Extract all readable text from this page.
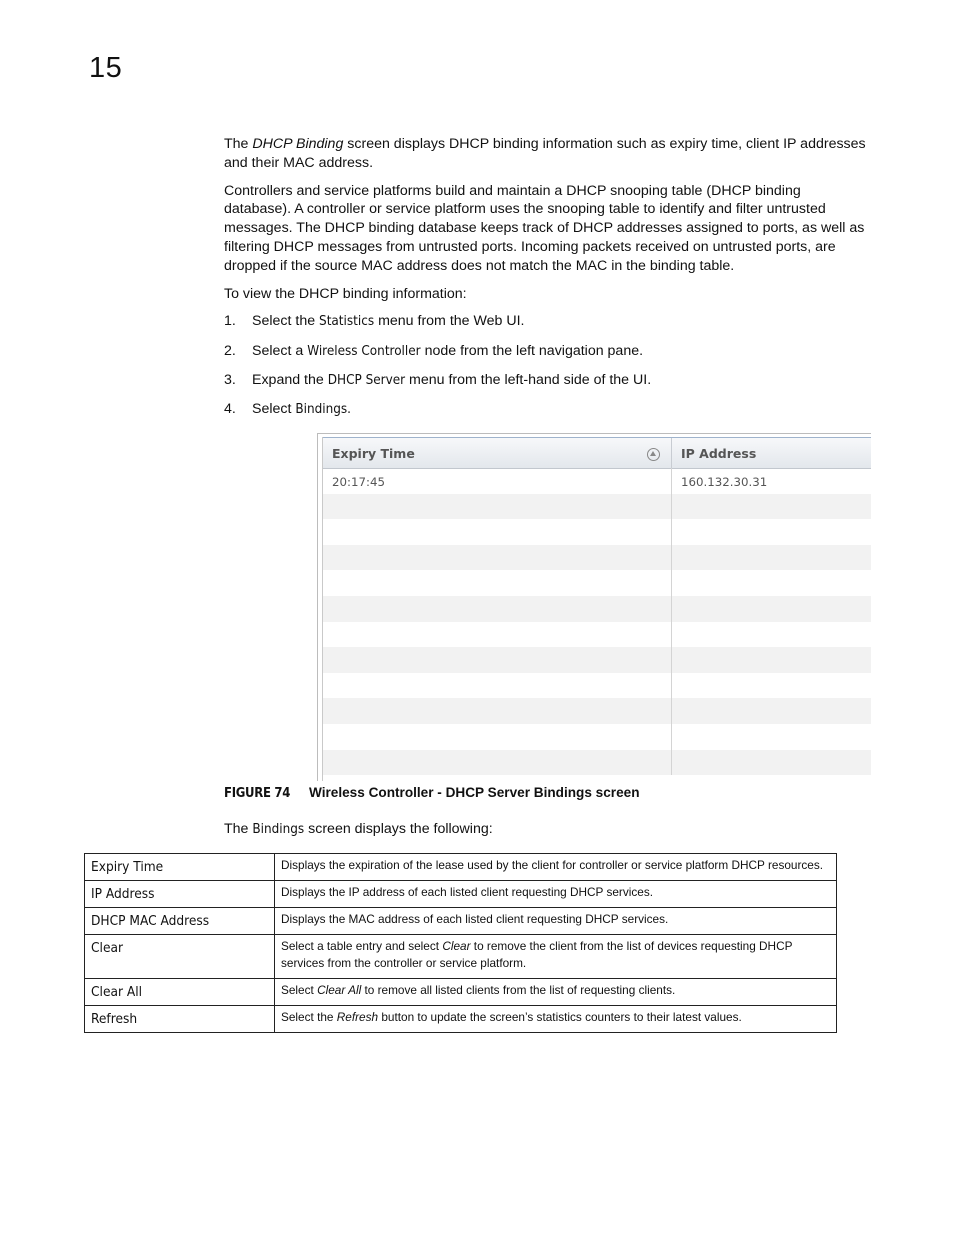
15

The DHCP Binding screen displays DHCP binding information such as expiry time, client IP addresses and their MAC address.

Controllers and service platforms build and maintain a DHCP snooping table (DHCP binding database). A controller or service platform uses the snooping table to identify and filter untrusted messages. The DHCP binding database keeps track of DHCP addresses assigned to ports, as well as filtering DHCP messages from untrusted ports. Incoming packets received on untrusted ports, are dropped if the source MAC address does not match the MAC in the binding table.

To view the DHCP binding information:

1. Select the Statistics menu from the Web UI.
2. Select a Wireless Controller node from the left navigation pane.
3. Expand the DHCP Server menu from the left-hand side of the UI.
4. Select Bindings.
Expiry Time	IP Address
20:17:45	160.132.30.31
FIGURE 74 Wireless Controller - DHCP Server Bindings screen
The Bindings screen displays the following:
Expiry Time	Displays the expiration of the lease used by the client for controller or service platform DHCP resources.
IP Address	Displays the IP address of each listed client requesting DHCP services.
DHCP MAC Address	Displays the MAC address of each listed client requesting DHCP services.
Clear	Select a table entry and select Clear to remove the client from the list of devices requesting DHCP services from the controller or service platform.
Clear All	Select Clear All to remove all listed clients from the list of requesting clients.
Refresh	Select the Refresh button to update the screen’s statistics counters to their latest values.
